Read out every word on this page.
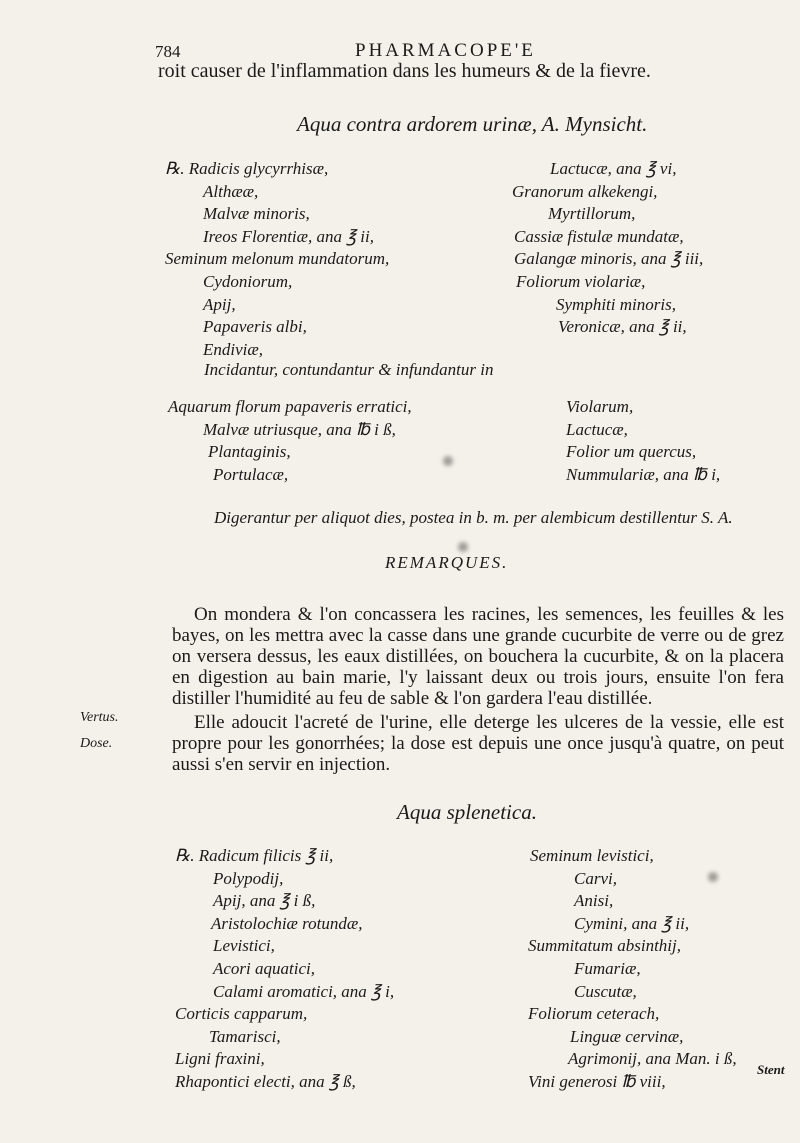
784	PHARMACOPE'E
roit causer de l'inflammation dans les humeurs & de la fievre.
Aqua contra ardorem urinæ, A. Mynsicht.
℞. Radicis glycyrrhisæ,
Althææ,
Malvæ minoris,
Ireos Florentiæ, ana ℥ ii,
Seminum melonum mundatorum,
Cydoniorum,
Apij,
Papaveris albi,
Endiviæ,
Lactucæ, ana ℥ vi,
Granorum alkekengi,
Myrtillorum,
Cassiæ fistulæ mundatæ,
Galangæ minoris, ana ℥ iii,
Foliorum violariæ,
Symphiti minoris,
Veronicæ, ana ℥ ii,
Incidantur, contundantur & infundantur in
Aquarum florum papaveris erratici,
Malvæ utriusque, ana ℔ i ß,
Plantaginis,
Portulacæ,
Violarum,
Lactucæ,
Folior um quercus,
Nummulariæ, ana ℔ i,
Digerantur per aliquot dies, postea in b. m. per alembicum destillentur S. A.
REMARQUES.

On mondera & l'on concassera les racines, les semences, les feuilles & les bayes, on les mettra avec la casse dans une grande cucurbite de verre ou de grez on versera dessus, les eaux distillées, on bouchera la cucurbite, & on la placera en digestion au bain marie, l'y laissant deux ou trois jours, ensuite l'on fera distiller l'humidité au feu de sable & l'on gardera l'eau distillée.

Elle adoucit l'acreté de l'urine, elle deterge les ulceres de la vessie, elle est propre pour les gonorrhées; la dose est depuis une once jusqu'à quatre, on peut aussi s'en servir en injection.

Vertus.
Dose.
Aqua splenetica.
℞. Radicum filicis ℥ ii,
Polypodij,
Apij, ana ℥ i ß,
Aristolochiæ rotundæ,
Levistici,
Acori aquatici,
Calami aromatici, ana ℥ i,
Corticis capparum,
Tamarisci,
Ligni fraxini,
Rhapontici electi, ana ℥ ß,
Seminum levistici,
Carvi,
Anisi,
Cymini, ana ℥ ii,
Summitatum absinthij,
Fumariæ,
Cuscutæ,
Foliorum ceterach,
Linguæ cervinæ,
Agrimonij, ana Man. i ß,
Vini generosi ℔ viii,
Stent
